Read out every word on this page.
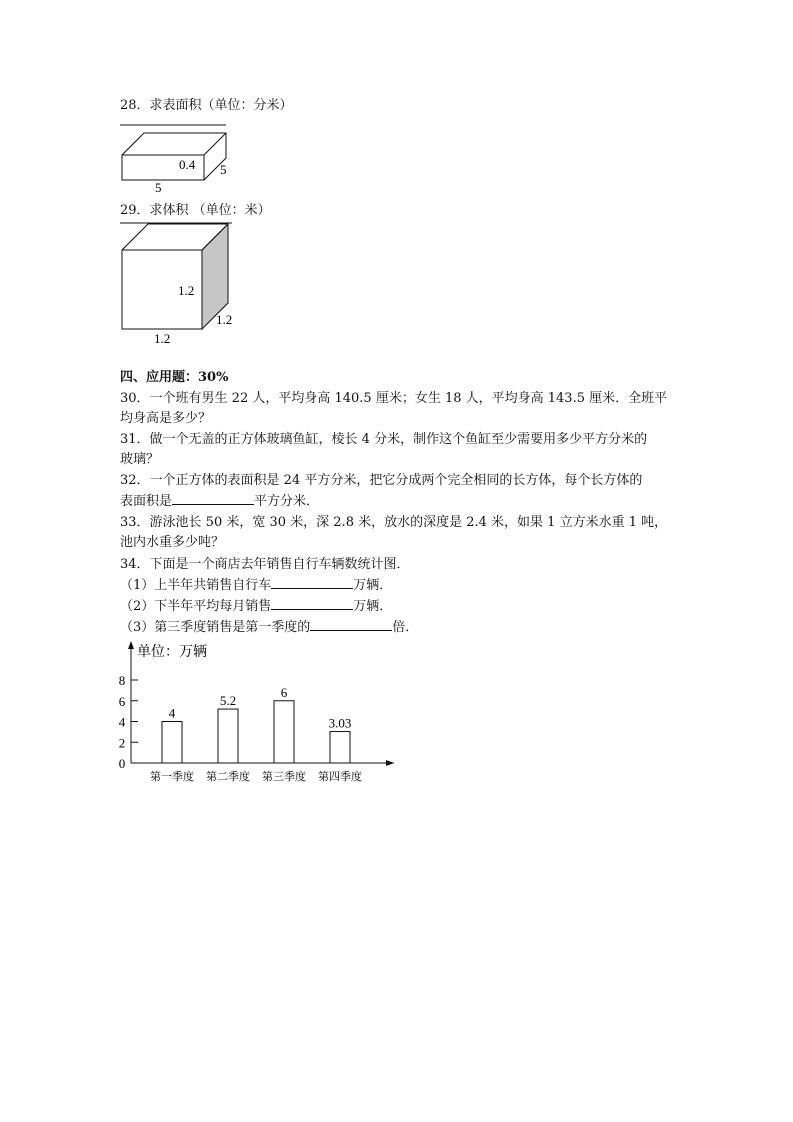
28．求表面积（单位：分米）
0.4 5
5
29．求体积 （单位：米）
1.2
1.2
1.2
四、应用题：30%
30．一个班有男生 22 人，平均身高 140.5 厘米；女生 18 人，平均身高 143.5 厘米．全班平
均身高是多少？
31．做一个无盖的正方体玻璃鱼缸，棱长 4 分米，制作这个鱼缸至少需要用多少平方分米的
玻璃？
32．一个正方体的表面积是 24 平方分米，把它分成两个完全相同的长方体，每个长方体的
表面积是	平方分米．
33．游泳池长 50 米，宽 30 米，深 2.8 米，放水的深度是 2.4 米，如果 1 立方米水重 1 吨，
池内水重多少吨？
34．下面是一个商店去年销售自行车辆数统计图．
（1）上半年共销售自行车	万辆．
（2）下半年平均每月销售	万辆．
（3）第三季度销售是第一季度的	倍．
单位：万辆
0
2
4
6
8
4
第一季度
5.2
第二季度
6
第三季度
3.03
第四季度
